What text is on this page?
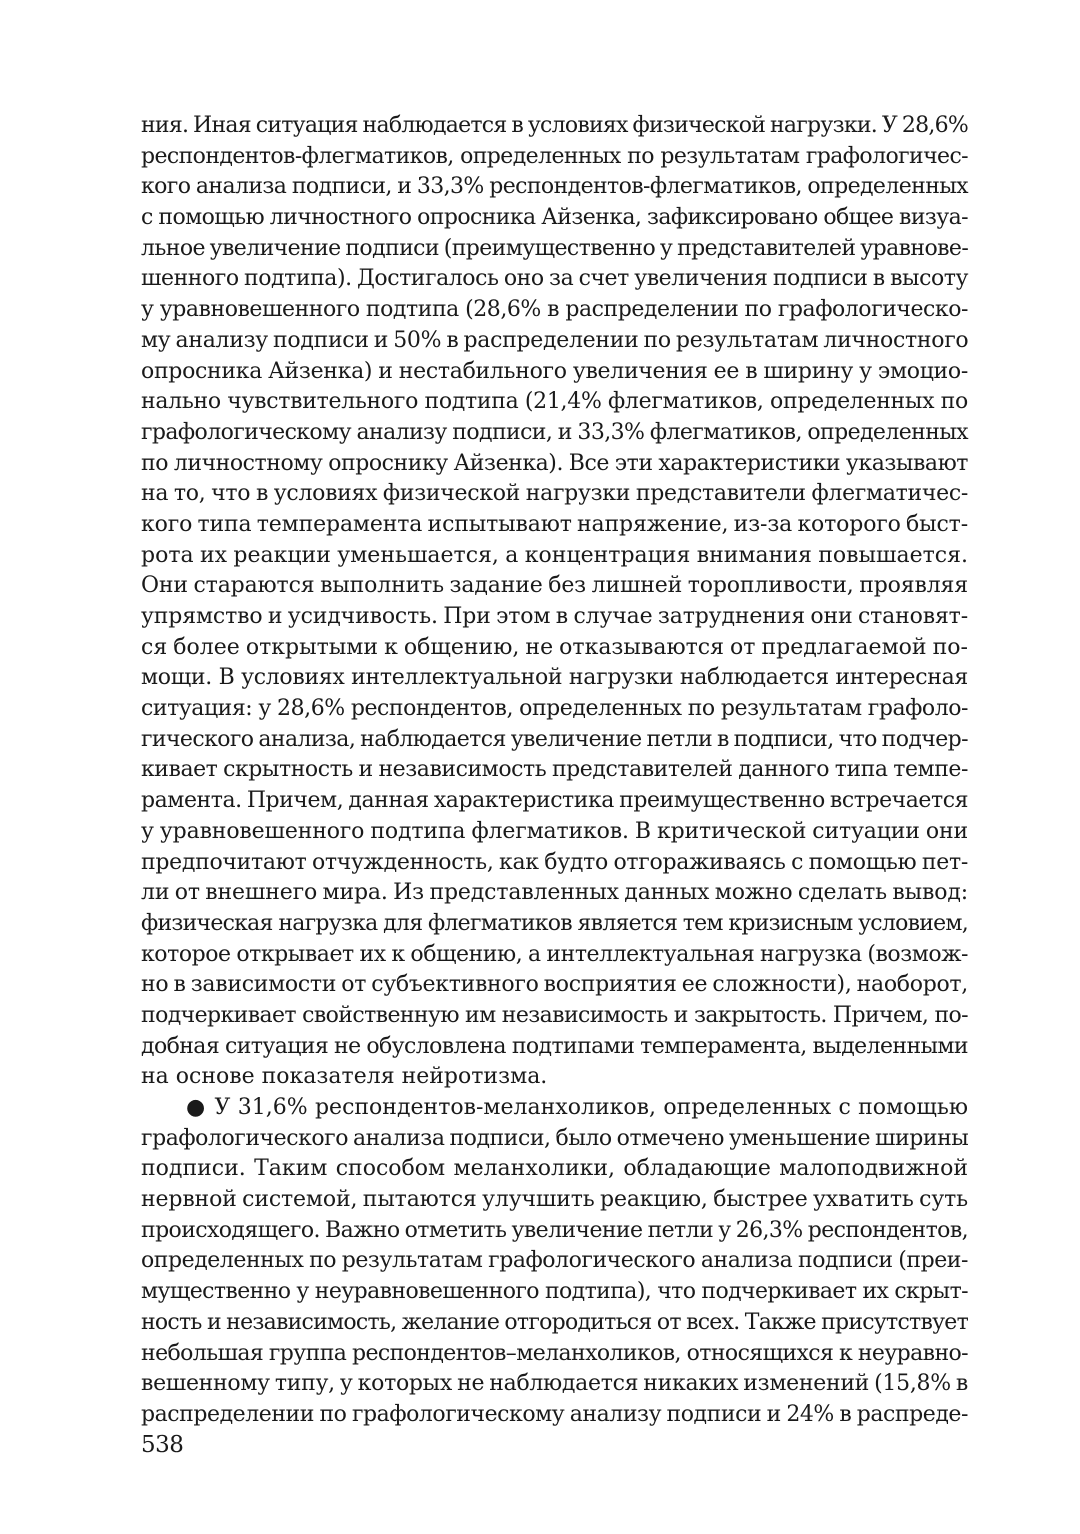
ния. Иная ситуация наблюдается в условиях физической нагрузки. У 28,6%
респондентов-флегматиков, определенных по результатам графологичес-
кого анализа подписи, и 33,3% респондентов-флегматиков, определенных
с помощью личностного опросника Айзенка, зафиксировано общее визуа-
льное увеличение подписи (преимущественно у представителей уравнове-
шенного подтипа). Достигалось оно за счет увеличения подписи в высоту
у уравновешенного подтипа (28,6% в распределении по графологическо-
му анализу подписи и 50% в распределении по результатам личностного
опросника Айзенка) и нестабильного увеличения ее в ширину у эмоцио-
нально чувствительного подтипа (21,4% флегматиков, определенных по
графологическому анализу подписи, и 33,3% флегматиков, определенных
по личностному опроснику Айзенка). Все эти характеристики указывают
на то, что в условиях физической нагрузки представители флегматичес-
кого типа темперамента испытывают напряжение, из-за которого быст-
рота их реакции уменьшается, а концентрация внимания повышается.
Они стараются выполнить задание без лишней торопливости, проявляя
упрямство и усидчивость. При этом в случае затруднения они становят-
ся более открытыми к общению, не отказываются от предлагаемой по-
мощи. В условиях интеллектуальной нагрузки наблюдается интересная
ситуация: у 28,6% респондентов, определенных по результатам графоло-
гического анализа, наблюдается увеличение петли в подписи, что подчер-
кивает скрытность и независимость представителей данного типа темпе-
рамента. Причем, данная характеристика преимущественно встречается
у уравновешенного подтипа флегматиков. В критической ситуации они
предпочитают отчужденность, как будто отгораживаясь с помощью пет-
ли от внешнего мира. Из представленных данных можно сделать вывод:
физическая нагрузка для флегматиков является тем кризисным условием,
которое открывает их к общению, а интеллектуальная нагрузка (возмож-
но в зависимости от субъективного восприятия ее сложности), наоборот,
подчеркивает свойственную им независимость и закрытость. Причем, по-
добная ситуация не обусловлена подтипами темперамента, выделенными
на основе показателя нейротизма.
● У 31,6% респондентов-меланхоликов, определенных с помощью
графологического анализа подписи, было отмечено уменьшение ширины
подписи. Таким способом меланхолики, обладающие малоподвижной
нервной системой, пытаются улучшить реакцию, быстрее ухватить суть
происходящего. Важно отметить увеличение петли у 26,3% респондентов,
определенных по результатам графологического анализа подписи (преи-
мущественно у неуравновешенного подтипа), что подчеркивает их скрыт-
ность и независимость, желание отгородиться от всех. Также присутствует
небольшая группа респондентов–меланхоликов, относящихся к неуравно-
вешенному типу, у которых не наблюдается никаких изменений (15,8% в
распределении по графологическому анализу подписи и 24% в распреде-
538
